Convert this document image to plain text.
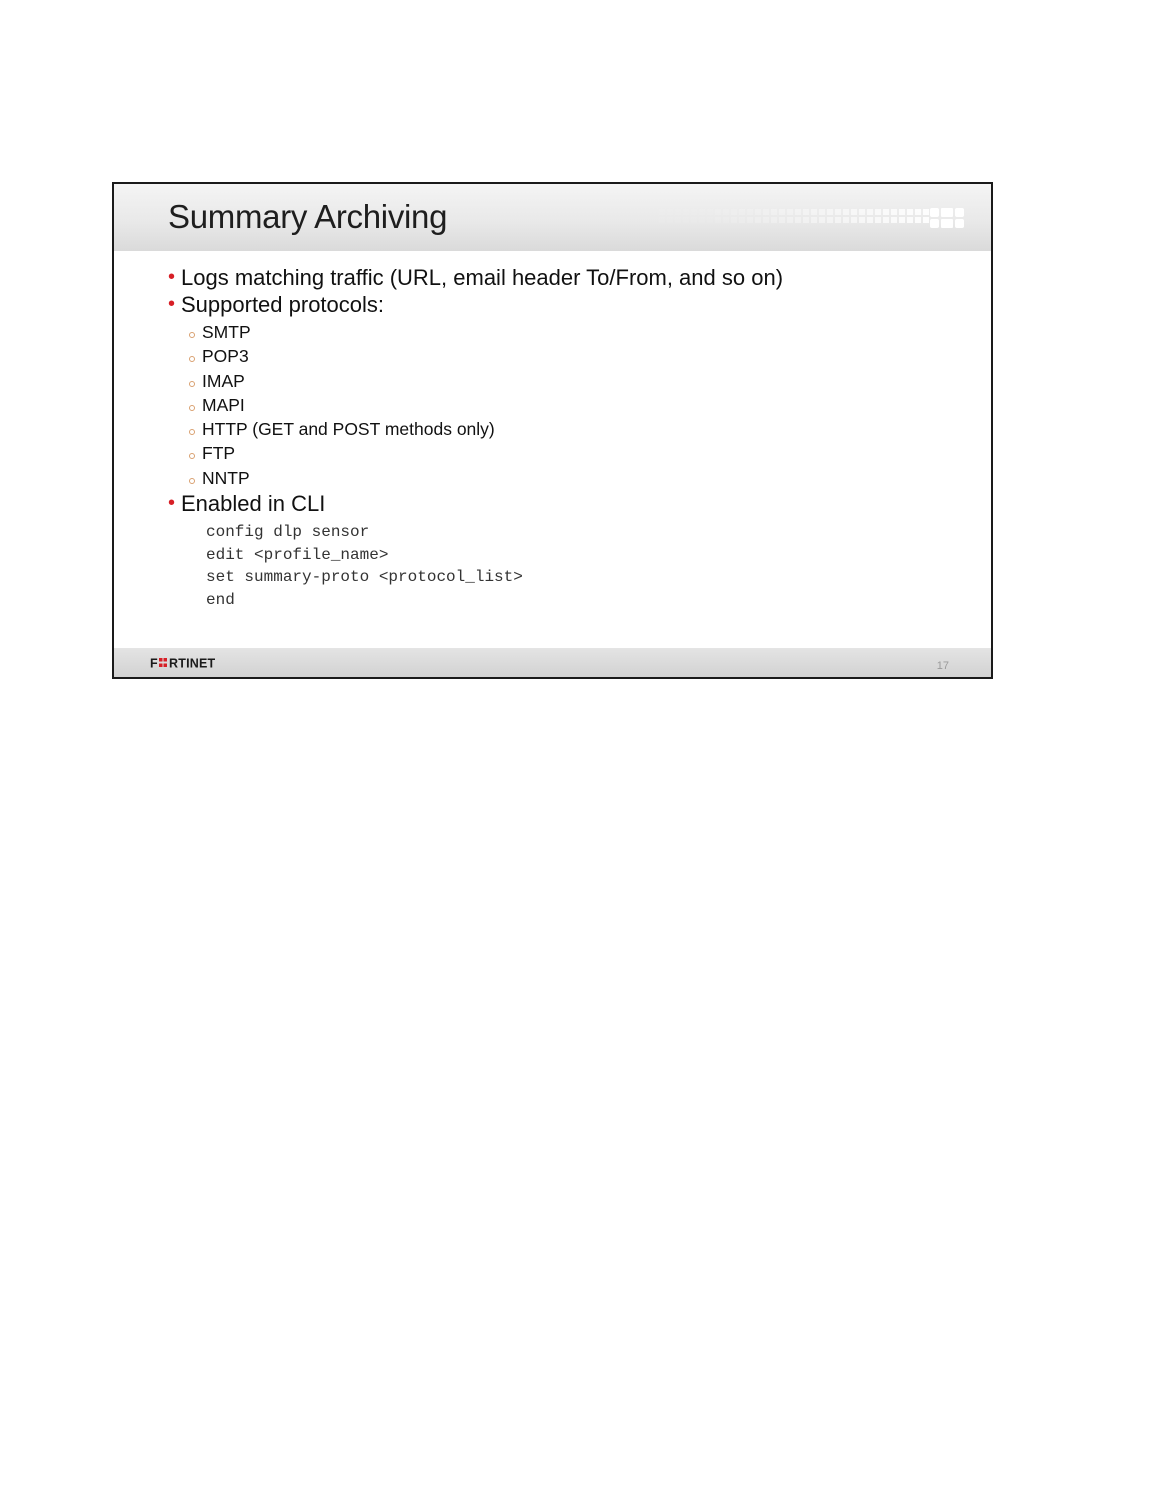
Summary Archiving
• Logs matching traffic (URL, email header To/From, and so on)
• Supported protocols:
SMTP
POP3
IMAP
MAPI
HTTP (GET and POST methods only)
FTP
NNTP
• Enabled in CLI
config dlp sensor
edit <profile_name>
set summary-proto <protocol_list>
end
F RTINET	17
